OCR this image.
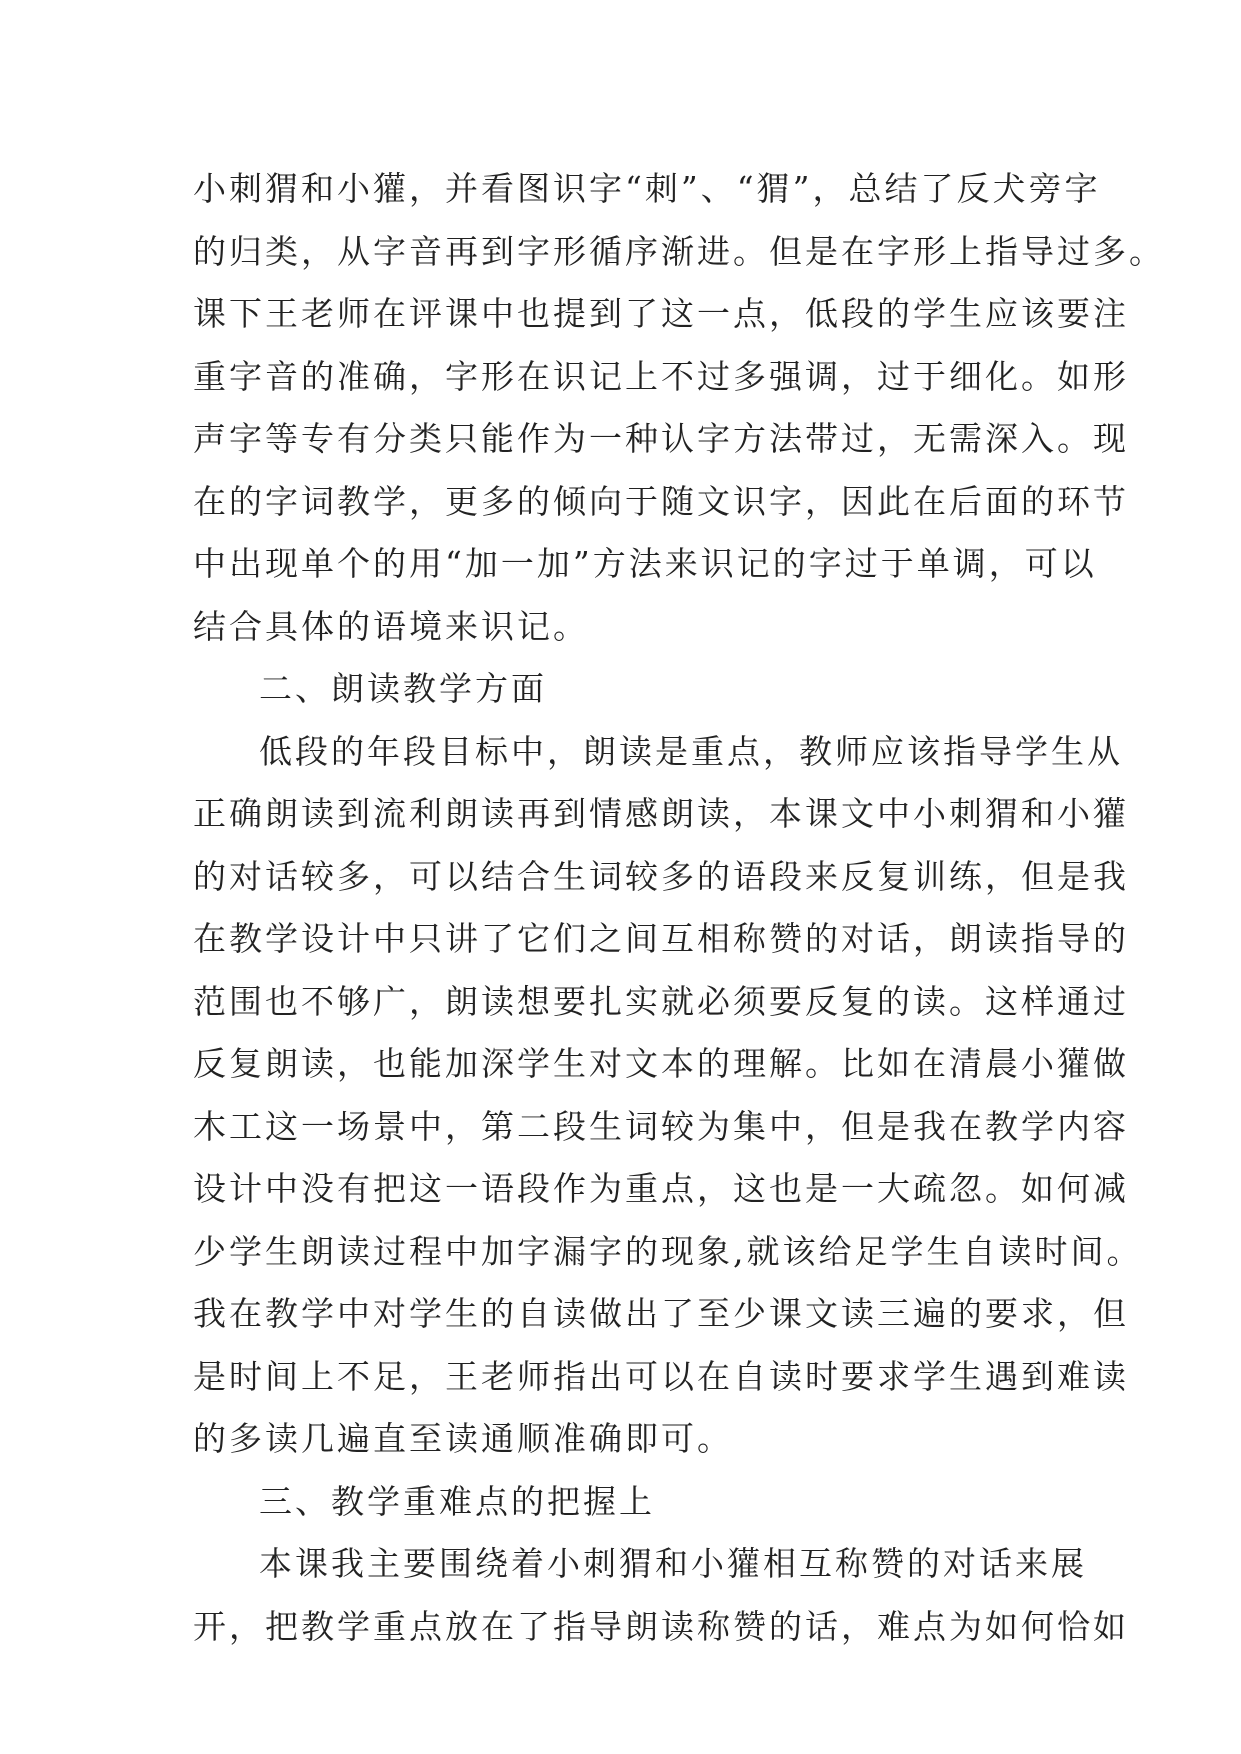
小刺猬和小獾，并看图识字“刺”、“猬”，总结了反犬旁字
的归类，从字音再到字形循序渐进。但是在字形上指导过多。
课下王老师在评课中也提到了这一点，低段的学生应该要注
重字音的准确，字形在识记上不过多强调，过于细化。如形
声字等专有分类只能作为一种认字方法带过，无需深入。现
在的字词教学，更多的倾向于随文识字，因此在后面的环节
中出现单个的用“加一加”方法来识记的字过于单调，可以
结合具体的语境来识记。
二、朗读教学方面
低段的年段目标中，朗读是重点，教师应该指导学生从
正确朗读到流利朗读再到情感朗读，本课文中小刺猬和小獾
的对话较多，可以结合生词较多的语段来反复训练，但是我
在教学设计中只讲了它们之间互相称赞的对话，朗读指导的
范围也不够广，朗读想要扎实就必须要反复的读。这样通过
反复朗读，也能加深学生对文本的理解。比如在清晨小獾做
木工这一场景中，第二段生词较为集中，但是我在教学内容
设计中没有把这一语段作为重点，这也是一大疏忽。如何减
少学生朗读过程中加字漏字的现象,就该给足学生自读时间。
我在教学中对学生的自读做出了至少课文读三遍的要求，但
是时间上不足，王老师指出可以在自读时要求学生遇到难读
的多读几遍直至读通顺准确即可。
三、教学重难点的把握上
本课我主要围绕着小刺猬和小獾相互称赞的对话来展
开，把教学重点放在了指导朗读称赞的话，难点为如何恰如
